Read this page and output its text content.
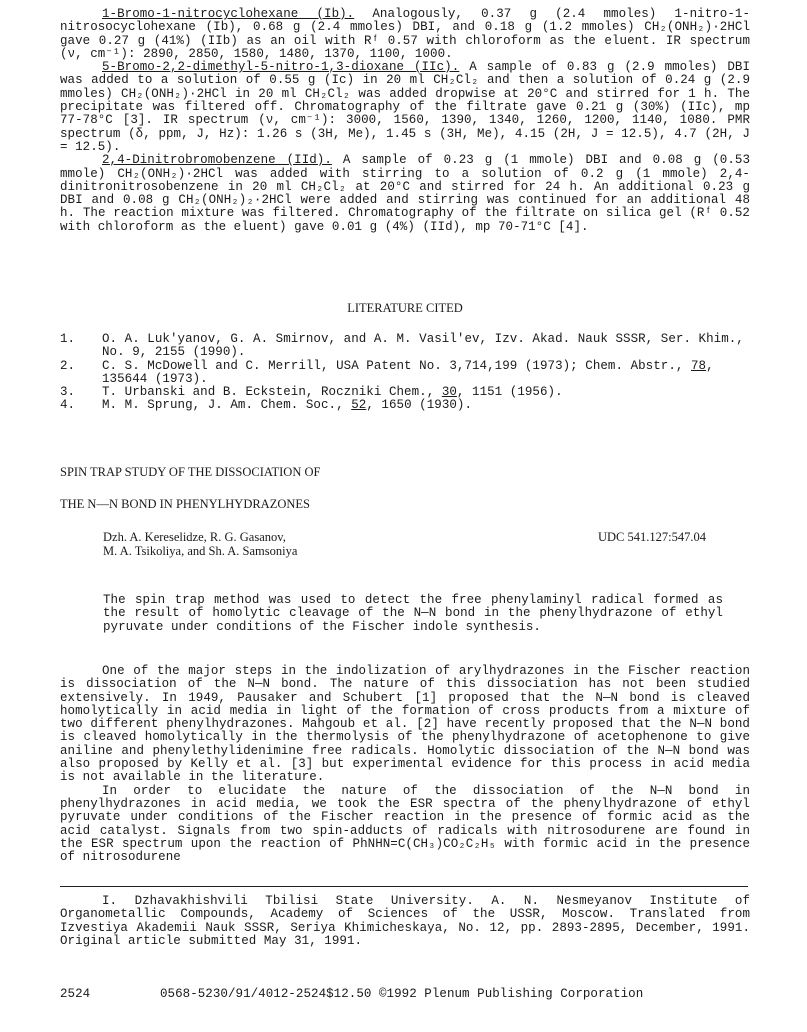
1-Bromo-1-nitrocyclohexane (Ib). Analogously, 0.37 g (2.4 mmoles) 1-nitro-1-nitrosocyclohexane (Ib), 0.68 g (2.4 mmoles) DBI, and 0.18 g (1.2 mmoles) CH₂(ONH₂)·2HCl gave 0.27 g (41%) (IIb) as an oil with Rᶠ 0.57 with chloroform as the eluent. IR spectrum (ν, cm⁻¹): 2890, 2850, 1580, 1480, 1370, 1100, 1000.

5-Bromo-2,2-dimethyl-5-nitro-1,3-dioxane (IIc). A sample of 0.83 g (2.9 mmoles) DBI was added to a solution of 0.55 g (Ic) in 20 ml CH₂Cl₂ and then a solution of 0.24 g (2.9 mmoles) CH₂(ONH₂)·2HCl in 20 ml CH₂Cl₂ was added dropwise at 20°C and stirred for 1 h. The precipitate was filtered off. Chromatography of the filtrate gave 0.21 g (30%) (IIc), mp 77-78°C [3]. IR spectrum (ν, cm⁻¹): 3000, 1560, 1390, 1340, 1260, 1200, 1140, 1080. PMR spectrum (δ, ppm, J, Hz): 1.26 s (3H, Me), 1.45 s (3H, Me), 4.15 (2H, J = 12.5), 4.7 (2H, J = 12.5).

2,4-Dinitrobromobenzene (IId). A sample of 0.23 g (1 mmole) DBI and 0.08 g (0.53 mmole) CH₂(ONH₂)·2HCl was added with stirring to a solution of 0.2 g (1 mmole) 2,4-dinitronitrosobenzene in 20 ml CH₂Cl₂ at 20°C and stirred for 24 h. An additional 0.23 g DBI and 0.08 g CH₂(ONH₂)₂·2HCl were added and stirring was continued for an additional 48 h. The reaction mixture was filtered. Chromatography of the filtrate on silica gel (Rᶠ 0.52 with chloroform as the eluent) gave 0.01 g (4%) (IId), mp 70-71°C [4].

LITERATURE CITED
1.	O. A. Luk'yanov, G. A. Smirnov, and A. M. Vasil'ev, Izv. Akad. Nauk SSSR, Ser. Khim., No. 9, 2155 (1990).
2.	C. S. McDowell and C. Merrill, USA Patent No. 3,714,199 (1973); Chem. Abstr., 78, 135644 (1973).
3.	T. Urbanski and B. Eckstein, Roczniki Chem., 30, 1151 (1956).
4.	M. M. Sprung, J. Am. Chem. Soc., 52, 1650 (1930).
SPIN TRAP STUDY OF THE DISSOCIATION OF
THE N—N BOND IN PHENYLHYDRAZONES
Dzh. A. Kereselidze, R. G. Gasanov,
M. A. Tsikoliya, and Sh. A. Samsoniya
UDC 541.127:547.04
The spin trap method was used to detect the free phenylaminyl radical formed as the result of homolytic cleavage of the N—N bond in the phenylhydrazone of ethyl pyruvate under conditions of the Fischer indole synthesis.

One of the major steps in the indolization of arylhydrazones in the Fischer reaction is dissociation of the N—N bond. The nature of this dissociation has not been studied extensively. In 1949, Pausaker and Schubert [1] proposed that the N—N bond is cleaved homolytically in acid media in light of the formation of cross products from a mixture of two different phenylhydrazones. Mahgoub et al. [2] have recently proposed that the N—N bond is cleaved homolytically in the thermolysis of the phenylhydrazone of acetophenone to give aniline and phenylethylidenimine free radicals. Homolytic dissociation of the N—N bond was also proposed by Kelly et al. [3] but experimental evidence for this process in acid media is not available in the literature.

In order to elucidate the nature of the dissociation of the N—N bond in phenylhydrazones in acid media, we took the ESR spectra of the phenylhydrazone of ethyl pyruvate under conditions of the Fischer reaction in the presence of formic acid as the acid catalyst. Signals from two spin-adducts of radicals with nitrosodurene are found in the ESR spectrum upon the reaction of PhNHN=C(CH₃)CO₂C₂H₅ with formic acid in the presence of nitrosodurene

I. Dzhavakhishvili Tbilisi State University. A. N. Nesmeyanov Institute of Organometallic Compounds, Academy of Sciences of the USSR, Moscow. Translated from Izvestiya Akademii Nauk SSSR, Seriya Khimicheskaya, No. 12, pp. 2893-2895, December, 1991. Original article submitted May 31, 1991.
2524	0568-5230/91/4012-2524$12.50 ©1992 Plenum Publishing Corporation
